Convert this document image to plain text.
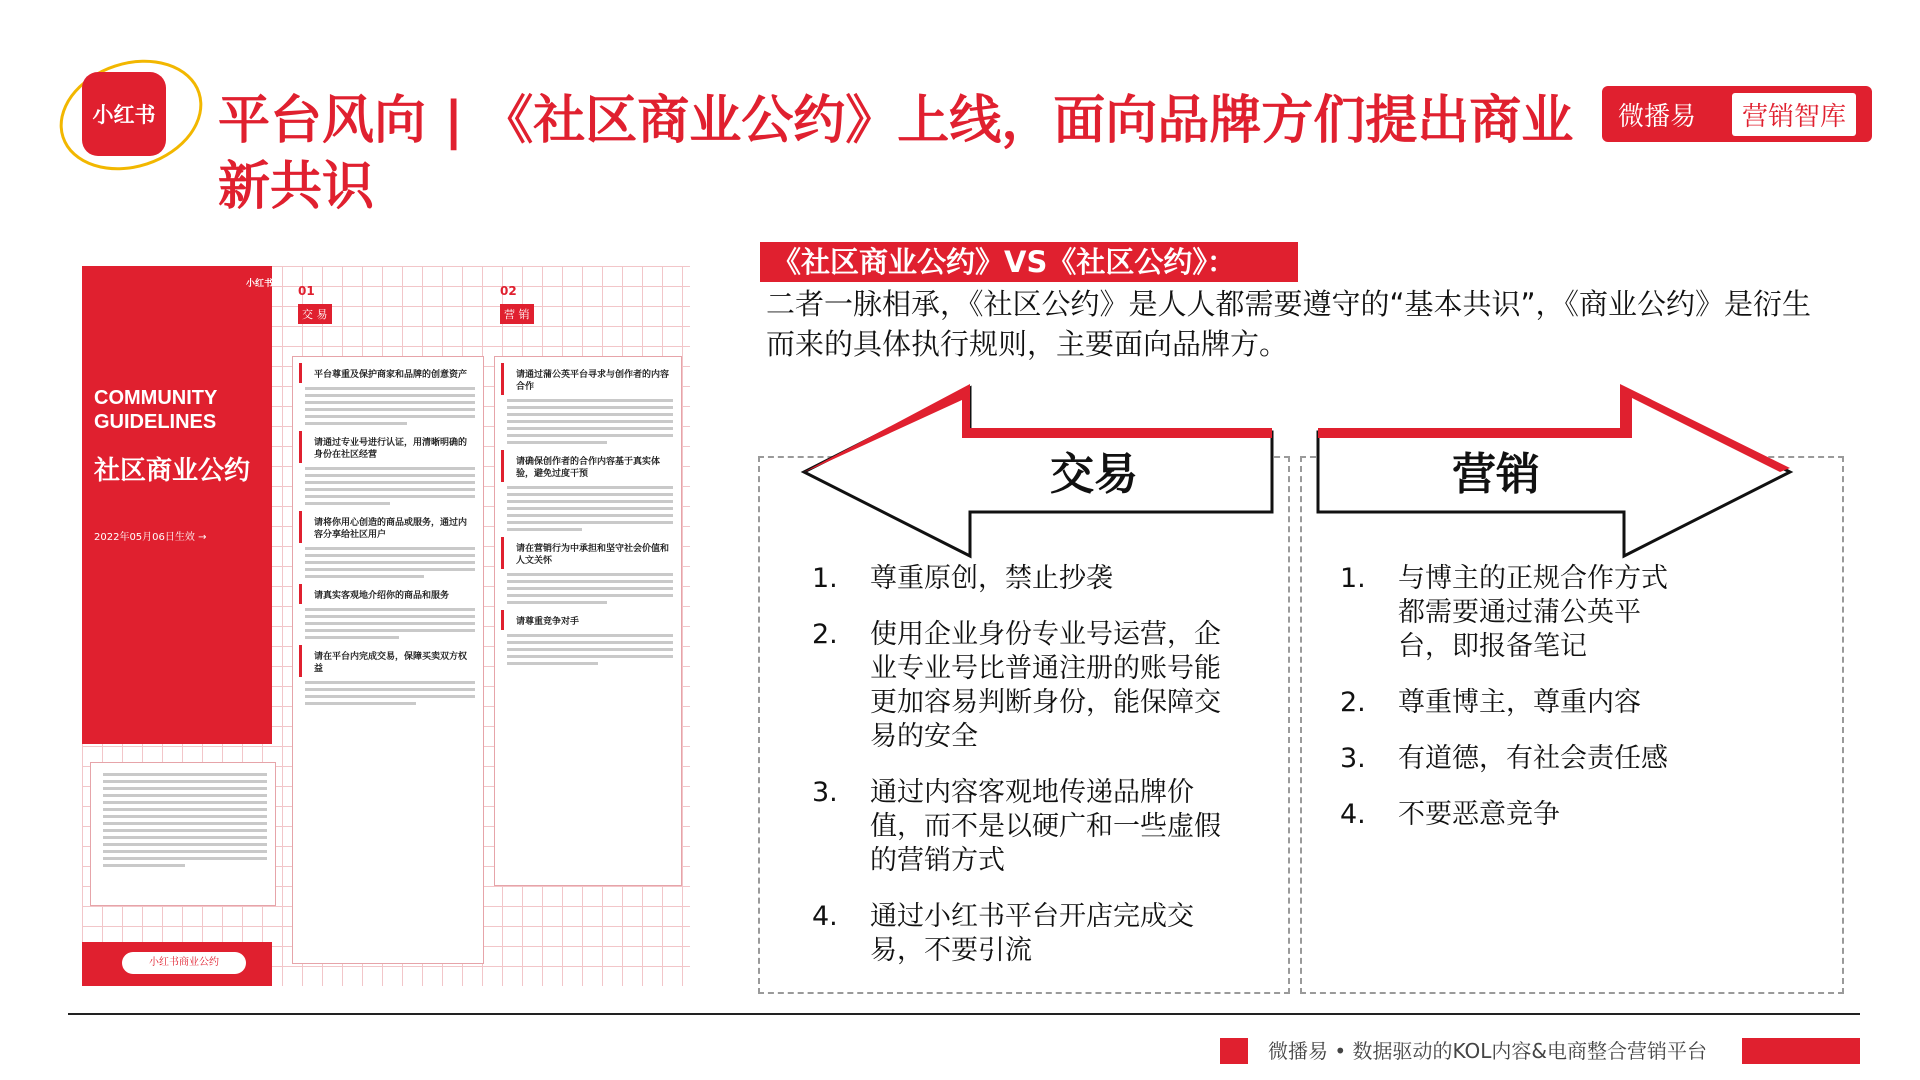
小红书 平台风向 | 《社区商业公约》上线，面向品牌方们提出商业新共识
微播易	营销智库
小红书
COMMUNITY GUIDELINES
社区商业公约
2022年05月06日生效 →
01
交 易
02
营 销
平台尊重及保护商家和品牌的创意资产
请通过专业号进行认证，用清晰明确的身份在社区经营
请将你用心创造的商品或服务，通过内容分享给社区用户
请真实客观地介绍你的商品和服务
请在平台内完成交易，保障买卖双方权益
请通过蒲公英平台寻求与创作者的内容合作
请确保创作者的合作内容基于真实体验，避免过度干预
请在营销行为中承担和坚守社会价值和人文关怀
请尊重竞争对手
小红书商业公约
《社区商业公约》VS《社区公约》：
二者一脉相承，《社区公约》是人人都需要遵守的“基本共识”，《商业公约》是衍生而来的具体执行规则，主要面向品牌方。
交易	营销
1.	尊重原创，禁止抄袭
2.	使用企业身份专业号运营，企业专业号比普通注册的账号能更加容易判断身份，能保障交易的安全
3.	通过内容客观地传递品牌价值，而不是以硬广和一些虚假的营销方式
4.	通过小红书平台开店完成交易，不要引流
1.	与博主的正规合作方式都需要通过蒲公英平台，即报备笔记
2.	尊重博主，尊重内容
3.	有道德，有社会责任感
4.	不要恶意竞争
微播易 • 数据驱动的KOL内容&电商整合营销平台
